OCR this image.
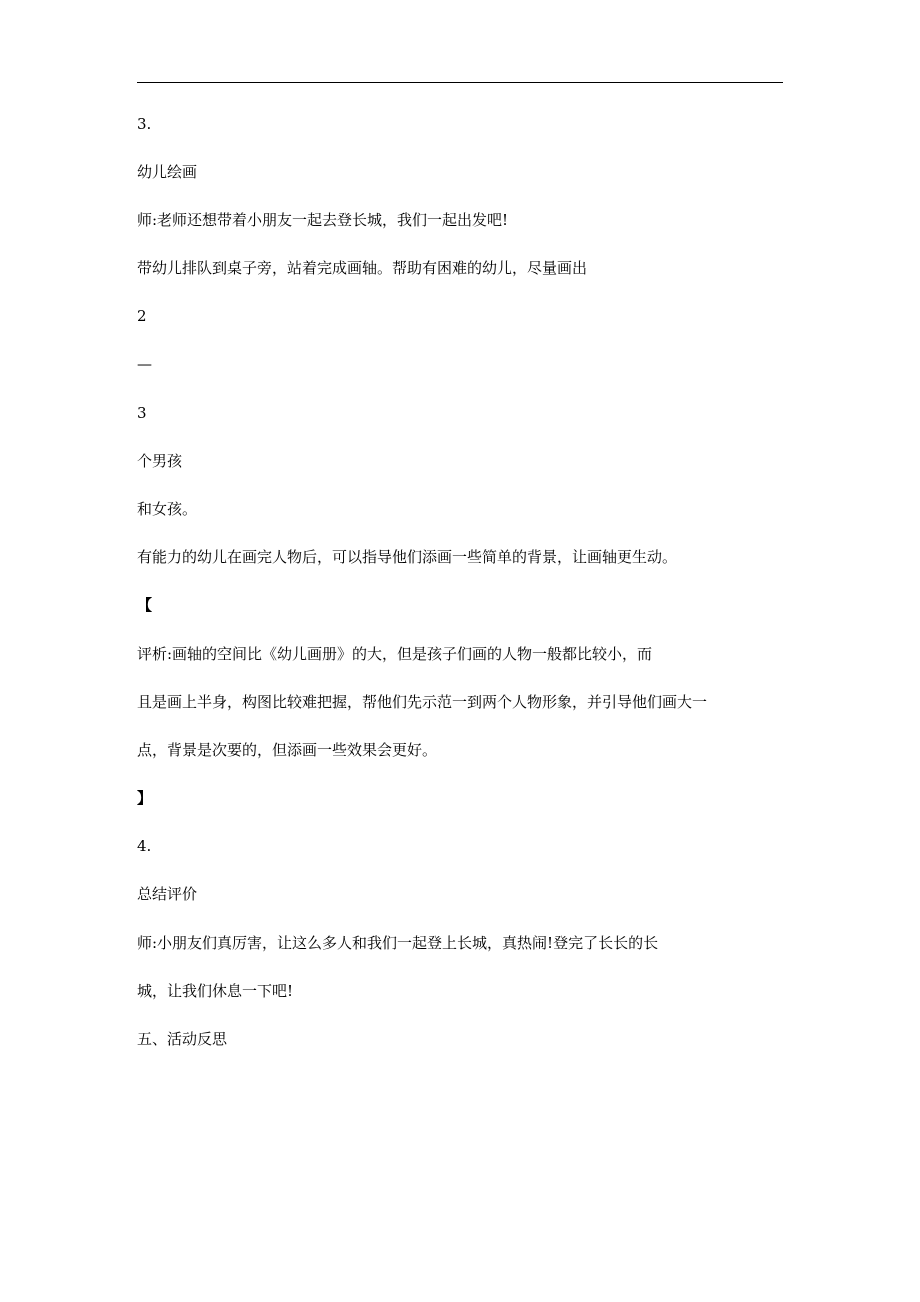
3.
幼儿绘画
师:老师还想带着小朋友一起去登长城，我们一起出发吧!
带幼儿排队到桌子旁，站着完成画轴。帮助有困难的幼儿，尽量画出
2
—
3
个男孩
和女孩。
有能力的幼儿在画完人物后，可以指导他们添画一些简单的背景，让画轴更生动。
【
评析:画轴的空间比《幼儿画册》的大，但是孩子们画的人物一般都比较小，而
且是画上半身，构图比较难把握，帮他们先示范一到两个人物形象，并引导他们画大一
点，背景是次要的，但添画一些效果会更好。
】
4.
总结评价
师:小朋友们真厉害，让这么多人和我们一起登上长城，真热闹!登完了长长的长
城，让我们休息一下吧!
五、活动反思
